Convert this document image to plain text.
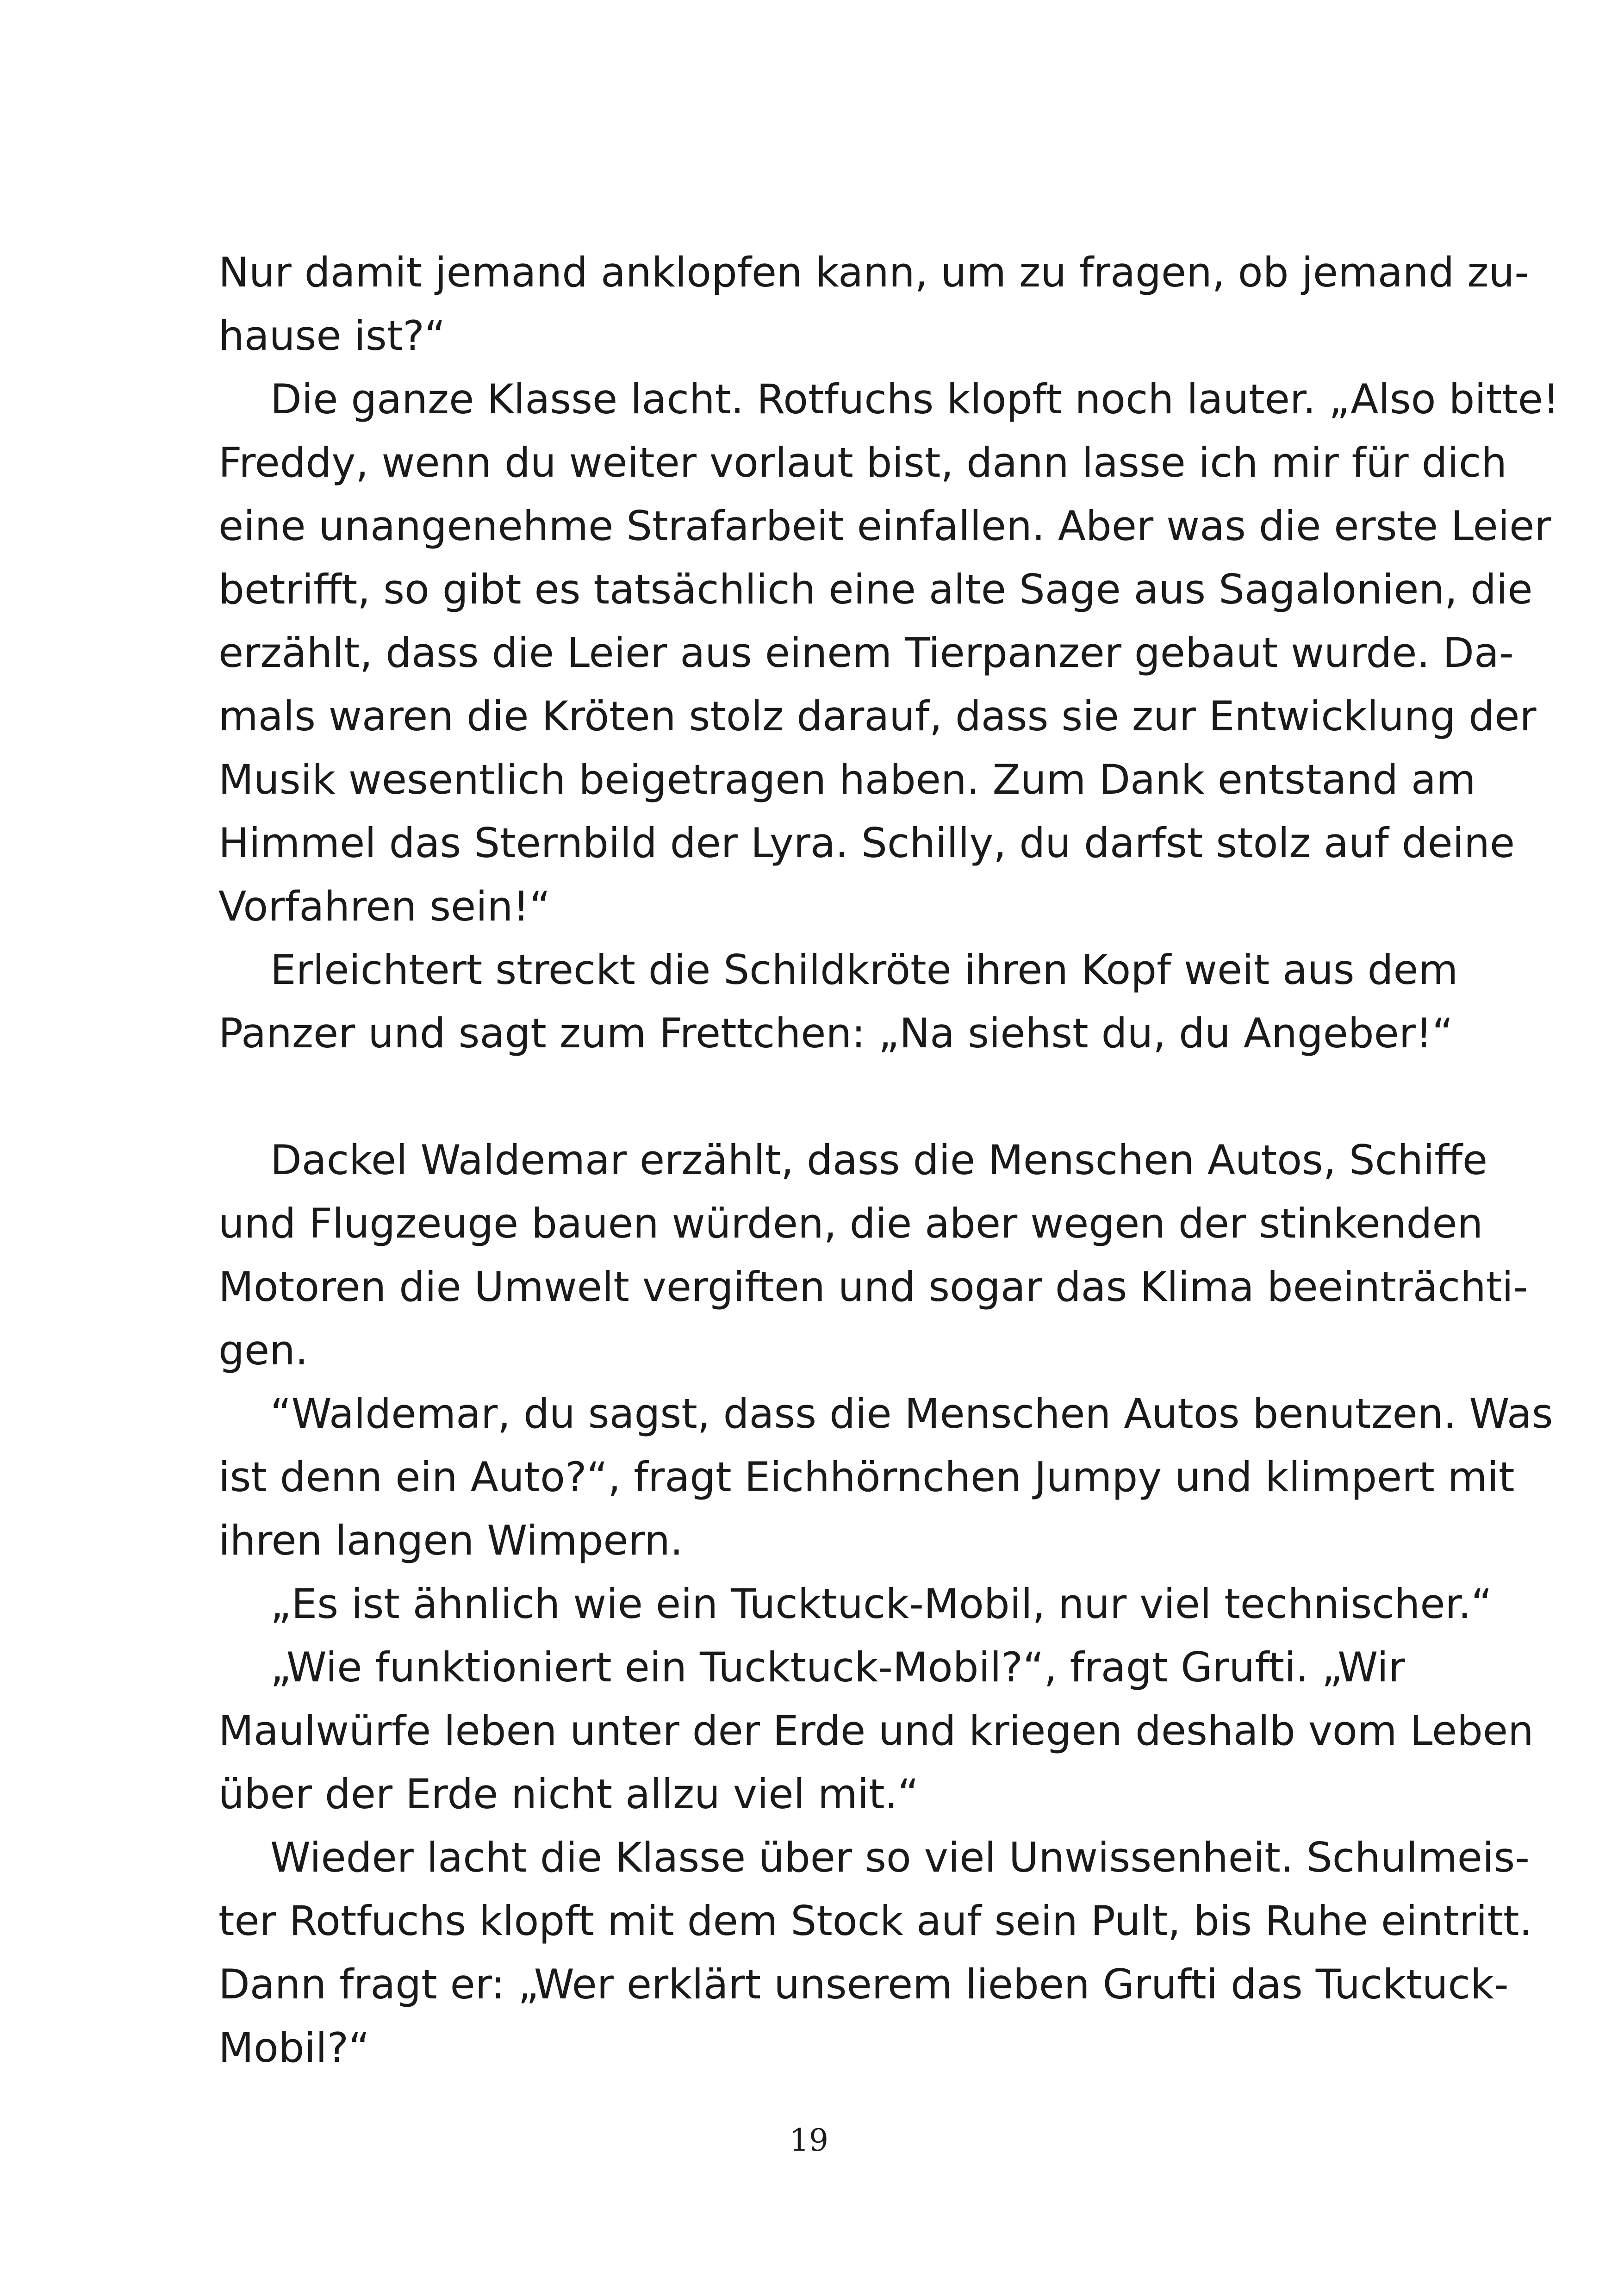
Nur damit jemand anklopfen kann, um zu fragen, ob jemand zu-
hause ist?“

Die ganze Klasse lacht. Rotfuchs klopft noch lauter. „Also bitte!
Freddy, wenn du weiter vorlaut bist, dann lasse ich mir für dich
eine unangenehme Strafarbeit einfallen. Aber was die erste Leier
betrifft, so gibt es tatsächlich eine alte Sage aus Sagalonien, die
erzählt, dass die Leier aus einem Tierpanzer gebaut wurde. Da-
mals waren die Kröten stolz darauf, dass sie zur Entwicklung der
Musik wesentlich beigetragen haben. Zum Dank entstand am
Himmel das Sternbild der Lyra. Schilly, du darfst stolz auf deine
Vorfahren sein!“

Erleichtert streckt die Schildkröte ihren Kopf weit aus dem
Panzer und sagt zum Frettchen: „Na siehst du, du Angeber!“

Dackel Waldemar erzählt, dass die Menschen Autos, Schiffe
und Flugzeuge bauen würden, die aber wegen der stinkenden
Motoren die Umwelt vergiften und sogar das Klima beeinträchti-
gen.

“Waldemar, du sagst, dass die Menschen Autos benutzen. Was
ist denn ein Auto?“, fragt Eichhörnchen Jumpy und klimpert mit
ihren langen Wimpern.

„Es ist ähnlich wie ein Tucktuck-Mobil, nur viel technischer.“

„Wie funktioniert ein Tucktuck-Mobil?“, fragt Grufti. „Wir
Maulwürfe leben unter der Erde und kriegen deshalb vom Leben
über der Erde nicht allzu viel mit.“

Wieder lacht die Klasse über so viel Unwissenheit. Schulmeis-
ter Rotfuchs klopft mit dem Stock auf sein Pult, bis Ruhe eintritt.
Dann fragt er: „Wer erklärt unserem lieben Grufti das Tucktuck-
Mobil?“

19
